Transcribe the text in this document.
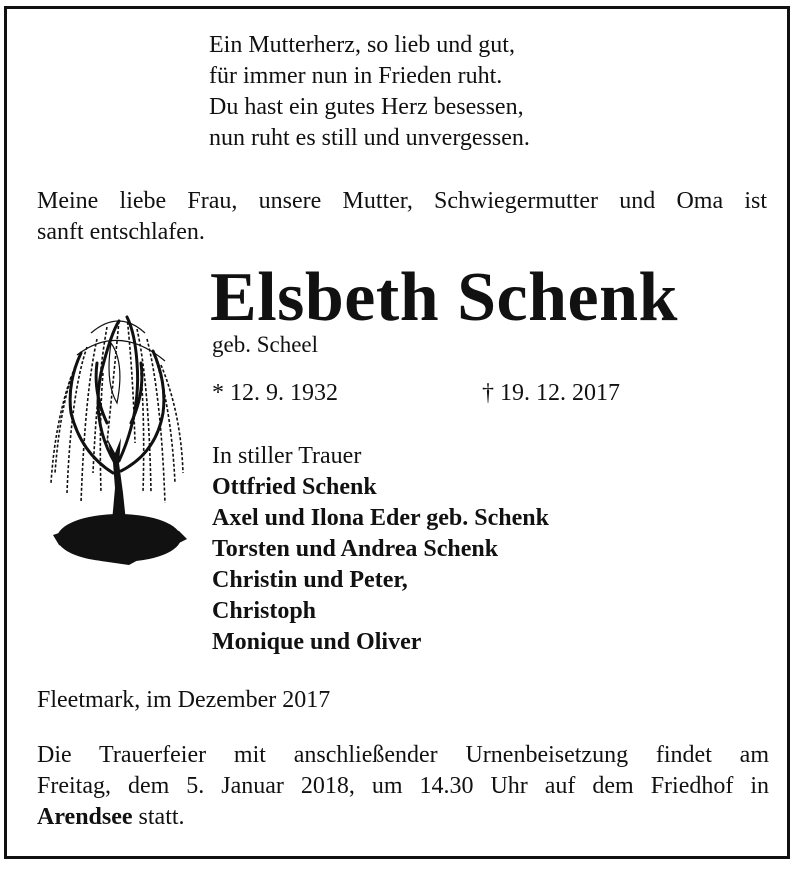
Ein Mutterherz, so lieb und gut,
für immer nun in Frieden ruht.
Du hast ein gutes Herz besessen,
nun ruht es still und unvergessen.
Meine liebe Frau, unsere Mutter, Schwiegermutter und Oma ist
sanft entschlafen.
Elsbeth Schenk
geb. Scheel
* 12. 9. 1932	† 19. 12. 2017
In stiller Trauer
Ottfried Schenk
Axel und Ilona Eder geb. Schenk
Torsten und Andrea Schenk
Christin und Peter,
Christoph
Monique und Oliver
Fleetmark, im Dezember 2017
Die Trauerfeier mit anschließender Urnenbeisetzung findet am
Freitag, dem 5. Januar 2018, um 14.30 Uhr auf dem Friedhof in
Arendsee statt.
